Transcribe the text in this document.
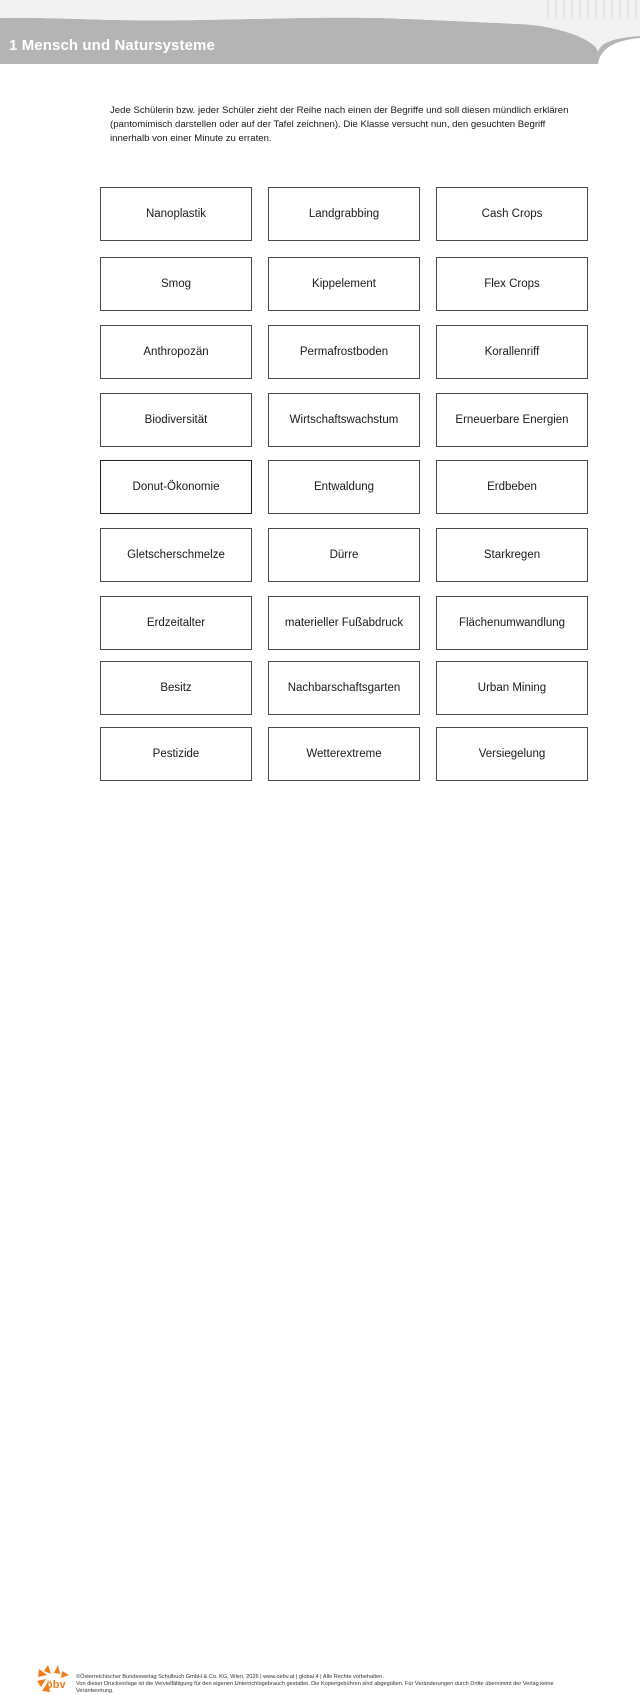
1 Mensch und Natursysteme
Jede Schülerin bzw. jeder Schüler zieht der Reihe nach einen der Begriffe und soll diesen mündlich erklären (pantomimisch darstellen oder auf der Tafel zeichnen). Die Klasse versucht nun, den gesuchten Begriff innerhalb von einer Minute zu erraten.
Nanoplastik	Landgrabbing	Cash Crops
Smog	Kippelement	Flex Crops
Anthropozän	Permafrostboden	Korallenriff
Biodiversität	Wirtschaftswachstum	Erneuerbare Energien
Donut-Ökonomie	Entwaldung	Erdbeben
Gletscherschmelze	Dürre	Starkregen
Erdzeitalter	materieller Fußabdruck	Flächenumwandlung
Besitz	Nachbarschaftsgarten	Urban Mining
Pestizide	Wetterextreme	Versiegelung
öbv
©Österreichischer Bundesverlag Schulbuch GmbH & Co. KG, Wien, 2026 | www.oebv.at | global 4 | Alle Rechte vorbehalten.
Von dieser Druckvorlage ist die Vervielfältigung für den eigenen Unterrichtsgebrauch gestattet. Die Kopiergebühren sind abgegolten. Für Veränderungen durch Dritte übernimmt der Verlag keine Verantwortung.
